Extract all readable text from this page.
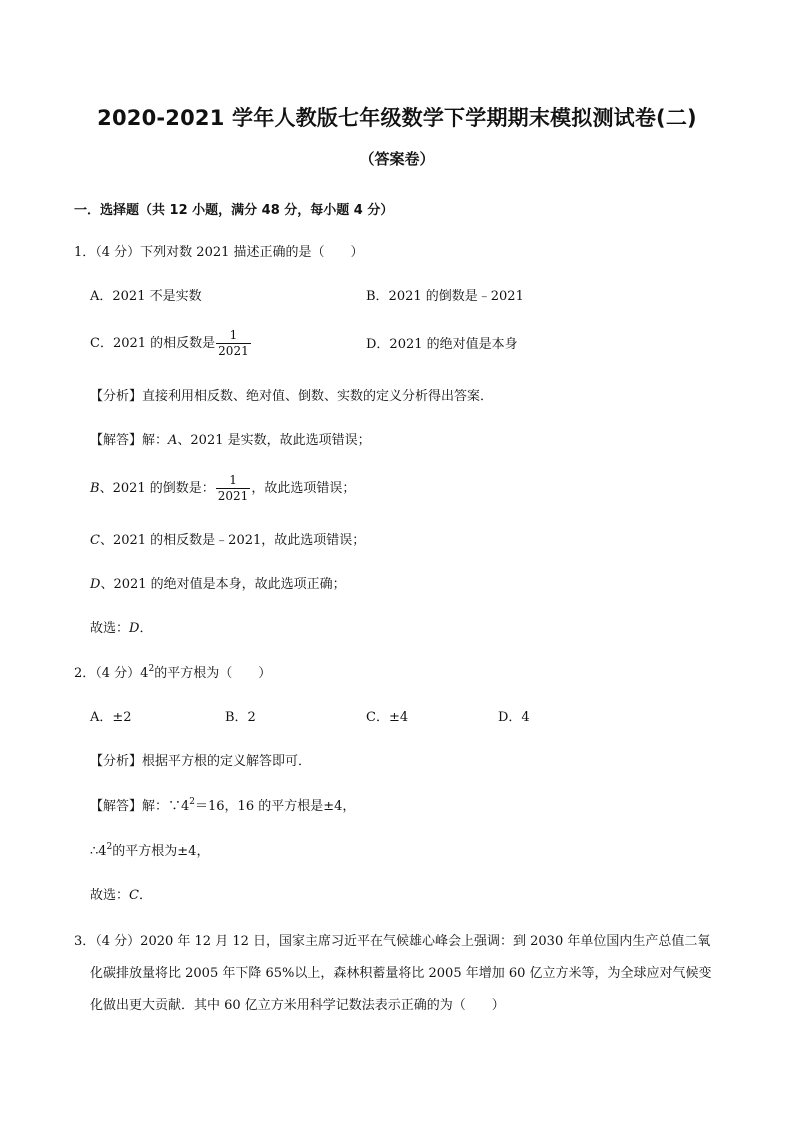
2020-2021 学年人教版七年级数学下学期期末模拟测试卷(二)
（答案卷）
一．选择题（共 12 小题，满分 48 分，每小题 4 分）
1．（4 分）下列对数 2021 描述正确的是（　　）
A．2021 不是实数	B．2021 的倒数是﹣2021
C．2021 的相反数是 $\frac{1}{2021}$	D．2021 的绝对值是本身
【分析】直接利用相反数、绝对值、倒数、实数的定义分析得出答案．
【解答】解：A、2021 是实数，故此选项错误；
B、2021 的倒数是： $\frac{1}{2021}$ ，故此选项错误；
C、2021 的相反数是﹣2021，故此选项错误；
D、2021 的绝对值是本身，故此选项正确；
故选：D．
2．（4 分）$4^2$的平方根为（　　）
A．±2	B．2	C．±4	D．4
【分析】根据平方根的定义解答即可．
【解答】解：$\because 4^2=16$，16 的平方根是±4，
$\therefore 4^2$的平方根为±4，
故选：C．
3．（4 分）2020 年 12 月 12 日，国家主席习近平在气候雄心峰会上强调：到 2030 年单位国内生产总值二氧
化碳排放量将比 2005 年下降 65%以上，森林积蓄量将比 2005 年增加 60 亿立方米等，为全球应对气候变
化做出更大贡献．其中 60 亿立方米用科学记数法表示正确的为（　　）
